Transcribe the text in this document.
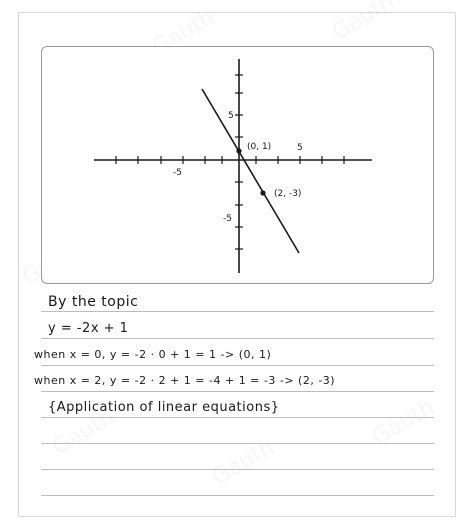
5
-5
5
-5
(0, 1)
(2, -3)
By the topic
y = -2x + 1
when x = 0, y = -2 · 0 + 1 = 1 -> (0, 1)
when x = 2, y = -2 · 2 + 1 = -4 + 1 = -3 -> (2, -3)
{Application of linear equations}
